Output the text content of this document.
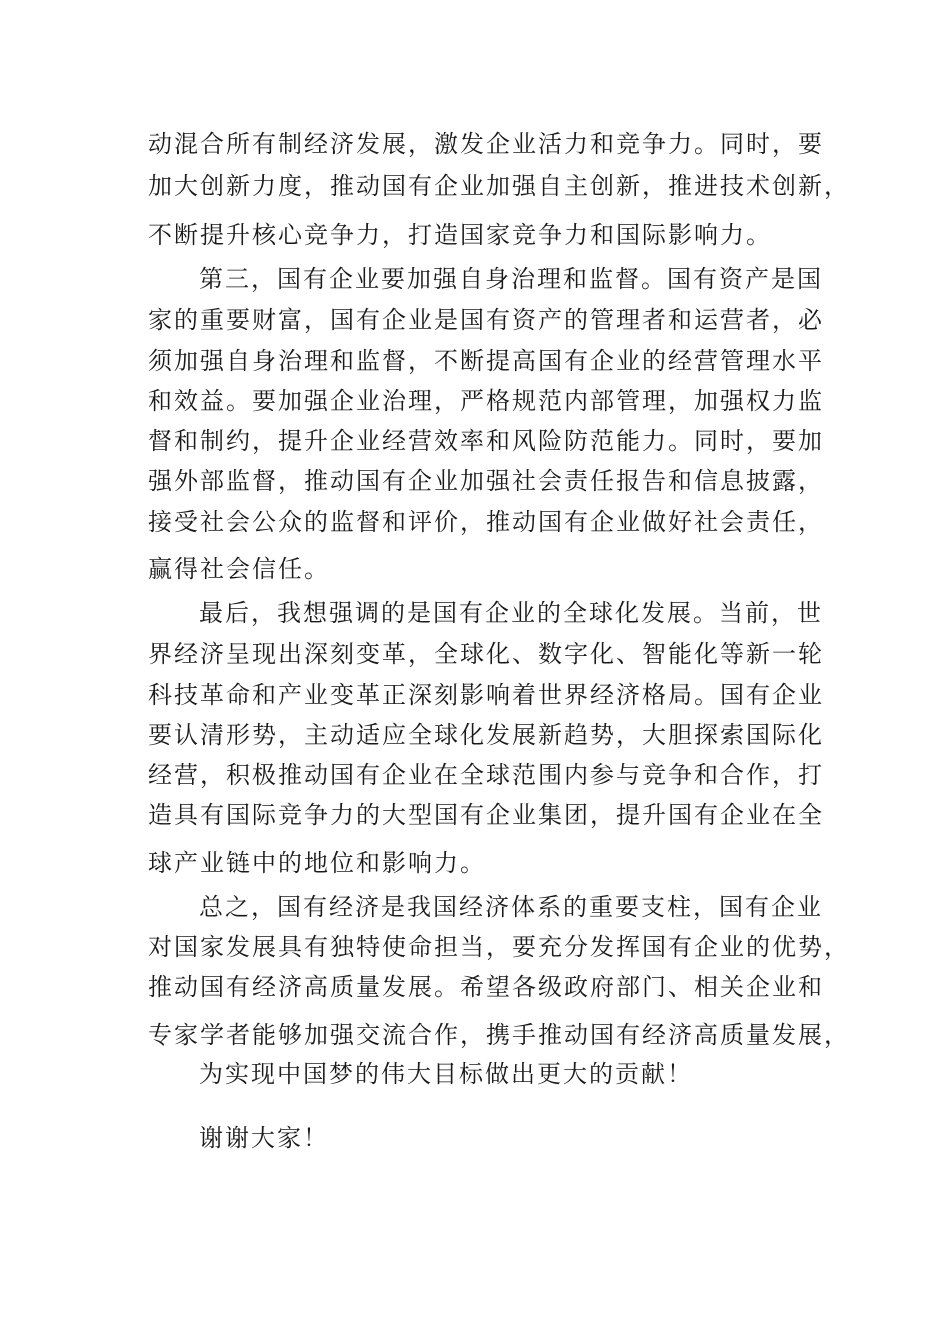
动混合所有制经济发展，激发企业活力和竞争力。同时，要
加大创新力度，推动国有企业加强自主创新，推进技术创新，
不断提升核心竞争力，打造国家竞争力和国际影响力。
第三，国有企业要加强自身治理和监督。国有资产是国
家的重要财富，国有企业是国有资产的管理者和运营者，必
须加强自身治理和监督，不断提高国有企业的经营管理水平
和效益。要加强企业治理，严格规范内部管理，加强权力监
督和制约，提升企业经营效率和风险防范能力。同时，要加
强外部监督，推动国有企业加强社会责任报告和信息披露，
接受社会公众的监督和评价，推动国有企业做好社会责任，
赢得社会信任。
最后，我想强调的是国有企业的全球化发展。当前，世
界经济呈现出深刻变革，全球化、数字化、智能化等新一轮
科技革命和产业变革正深刻影响着世界经济格局。国有企业
要认清形势，主动适应全球化发展新趋势，大胆探索国际化
经营，积极推动国有企业在全球范围内参与竞争和合作，打
造具有国际竞争力的大型国有企业集团，提升国有企业在全
球产业链中的地位和影响力。
总之，国有经济是我国经济体系的重要支柱，国有企业
对国家发展具有独特使命担当，要充分发挥国有企业的优势，
推动国有经济高质量发展。希望各级政府部门、相关企业和
专家学者能够加强交流合作，携手推动国有经济高质量发展，
为实现中国梦的伟大目标做出更大的贡献！
谢谢大家！
